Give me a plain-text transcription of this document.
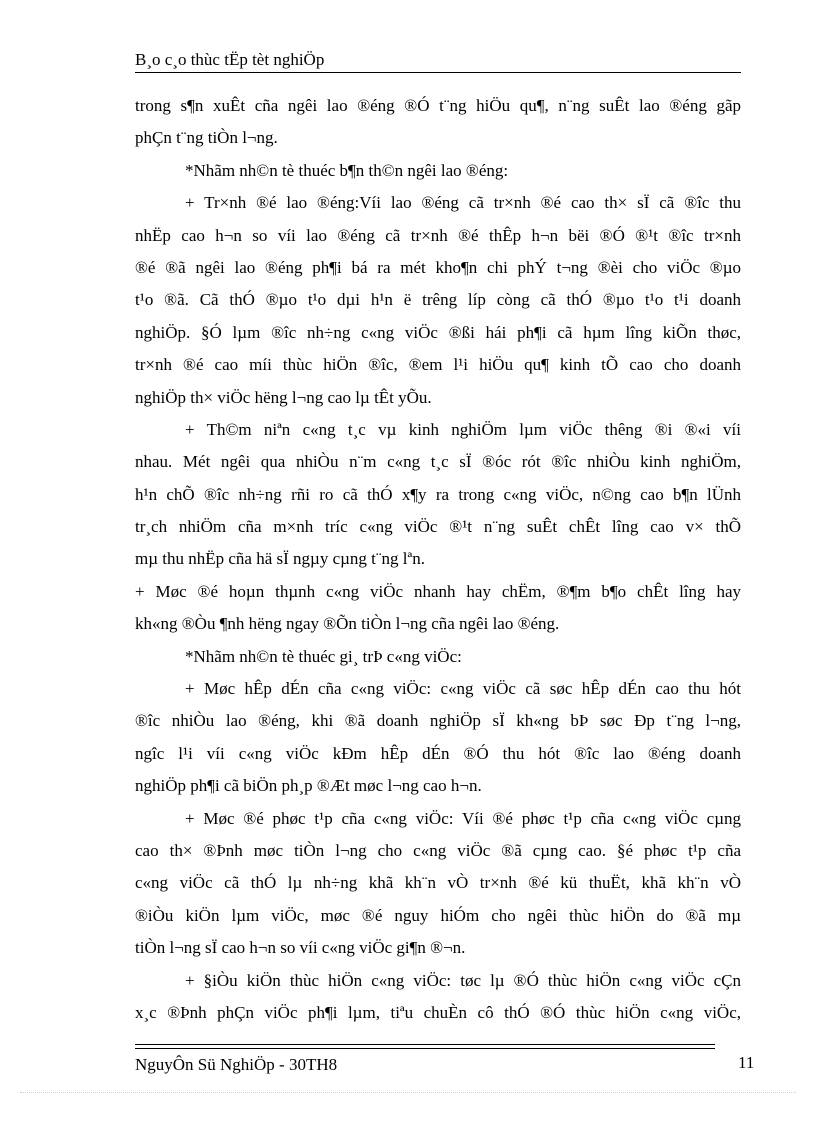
B¸o c¸o thùc tËp tèt nghiÖp

trong s¶n xuÊt cña ngêi lao ®éng ®Ó t¨ng hiÖu qu¶, n¨ng suÊt lao ®éng gãp
phÇn t¨ng tiÒn l¬ng.
*Nhãm nh©n tè thuéc b¶n th©n ngêi lao ®éng:
+ Tr×nh ®é lao ®éng:Víi lao ®éng cã tr×nh ®é cao th× sÏ cã ®îc thu
nhËp cao h¬n so víi lao ®éng cã tr×nh ®é thÊp h¬n bëi ®Ó ®¹t ®îc tr×nh
®é ®ã ngêi lao ®éng ph¶i bá ra mét kho¶n chi phÝ t¬ng ®èi cho viÖc ®µo
t¹o ®ã. Cã thÓ ®µo t¹o dµi h¹n ë trêng líp còng cã thÓ ®µo t¹o t¹i doanh
nghiÖp. §Ó lµm ®îc nh÷ng c«ng viÖc ®ßi hái ph¶i cã hµm lîng kiÕn thøc,
tr×nh ®é cao míi thùc hiÖn ®îc, ®em l¹i hiÖu qu¶ kinh tÕ cao cho doanh
nghiÖp th× viÖc hëng l¬ng cao lµ tÊt yÕu.
+ Th©m niªn c«ng t¸c vµ kinh nghiÖm lµm viÖc thêng ®i ®«i víi
nhau. Mét ngêi qua nhiÒu n¨m c«ng t¸c sÏ ®óc rót ®îc nhiÒu kinh nghiÖm,
h¹n chÕ ®îc nh÷ng rñi ro cã thÓ x¶y ra trong c«ng viÖc, n©ng cao b¶n lÜnh
tr¸ch nhiÖm cña m×nh tríc c«ng viÖc ®¹t n¨ng suÊt chÊt lîng cao v× thÕ
mµ thu nhËp cña hä sÏ ngµy cµng t¨ng lªn.
+ Møc ®é hoµn thµnh c«ng viÖc nhanh hay chËm, ®¶m b¶o chÊt lîng hay
kh«ng ®Òu ¶nh hëng ngay ®Õn tiÒn l¬ng cña ngêi lao ®éng.
*Nhãm nh©n tè thuéc gi¸ trÞ c«ng viÖc:
+ Møc hÊp dÉn cña c«ng viÖc: c«ng viÖc cã søc hÊp dÉn cao thu hót
®îc nhiÒu lao ®éng, khi ®ã doanh nghiÖp sÏ kh«ng bÞ søc Ðp t¨ng l¬ng,
ngîc l¹i víi c«ng viÖc kÐm hÊp dÉn ®Ó thu hót ®îc lao ®éng doanh
nghiÖp ph¶i cã biÖn ph¸p ®Æt møc l¬ng cao h¬n.
+ Møc ®é phøc t¹p cña c«ng viÖc: Víi ®é phøc t¹p cña c«ng viÖc cµng
cao th× ®Þnh møc tiÒn l¬ng cho c«ng viÖc ®ã cµng cao. §é phøc t¹p cña
c«ng viÖc cã thÓ lµ nh÷ng khã kh¨n vÒ tr×nh ®é kü thuËt, khã kh¨n vÒ
®iÒu kiÖn lµm viÖc, møc ®é nguy hiÓm cho ngêi thùc hiÖn do ®ã mµ
tiÒn l¬ng sÏ cao h¬n so víi c«ng viÖc gi¶n ®¬n.
+ §iÒu kiÖn thùc hiÖn c«ng viÖc: tøc lµ ®Ó thùc hiÖn c«ng viÖc cÇn
x¸c ®Þnh phÇn viÖc ph¶i lµm, tiªu chuÈn cô thÓ ®Ó thùc hiÖn c«ng viÖc,
NguyÔn Sü NghiÖp - 30TH8	11
